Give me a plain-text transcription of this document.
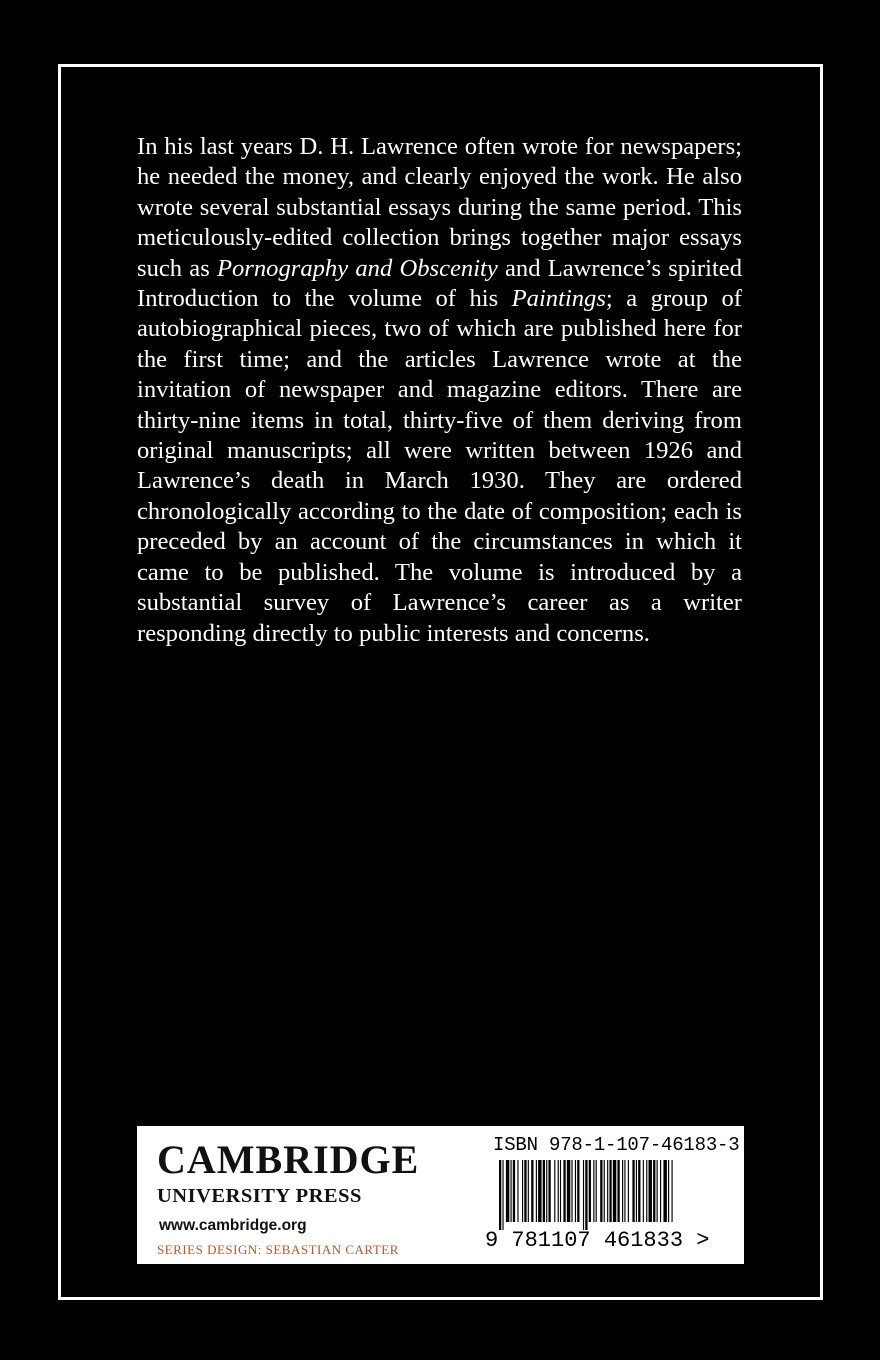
In his last years D. H. Lawrence often wrote for newspapers; he needed the money, and clearly enjoyed the work. He also wrote several substantial essays during the same period. This meticulously-edited collection brings together major essays such as Pornography and Obscenity and Lawrence’s spirited Introduction to the volume of his Paintings; a group of autobiographical pieces, two of which are published here for the first time; and the articles Lawrence wrote at the invitation of newspaper and magazine editors. There are thirty-nine items in total, thirty-five of them deriving from original manuscripts; all were written between 1926 and Lawrence’s death in March 1930. They are ordered chronologically according to the date of composition; each is preceded by an account of the circumstances in which it came to be published. The volume is introduced by a substantial survey of Lawrence’s career as a writer responding directly to public interests and concerns.

CAMBRIDGE

UNIVERSITY PRESS

www.cambridge.org

SERIES DESIGN: SEBASTIAN CARTER

ISBN 978-1-107-46183-3
9 781107 461833 >
